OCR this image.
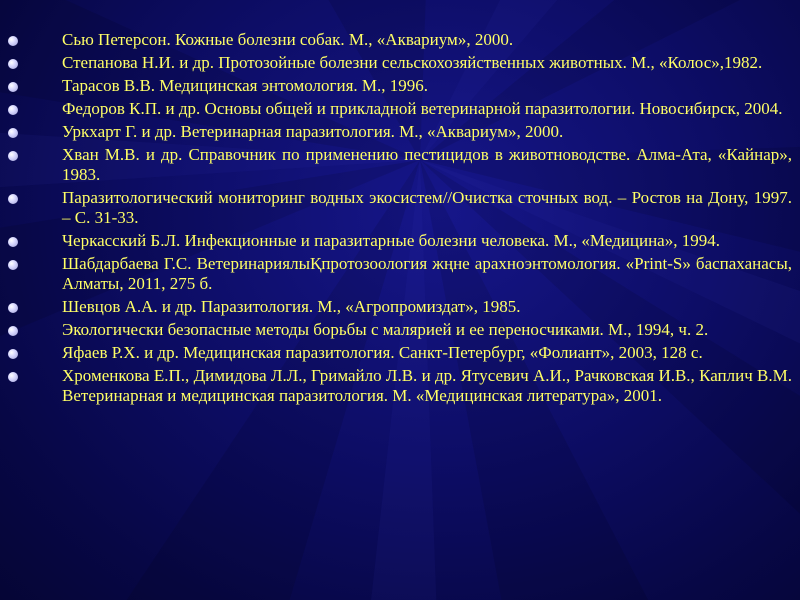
Сью Петерсон. Кожные болезни собак. М., «Аквариум», 2000.
Степанова Н.И. и др. Протозойные болезни сельскохозяйственных животных. М., «Колос»,1982.
Тарасов В.В. Медицинская энтомология. М., 1996.
Федоров К.П. и др. Основы общей и прикладной ветеринарной паразитологии. Новосибирск, 2004.
Уркхарт Г. и др. Ветеринарная паразитология. М., «Аквариум», 2000.
Хван М.В. и др. Справочник по применению пестицидов в животноводстве. Алма-Ата, «Кайнар», 1983.
Паразитологический мониторинг водных экосистем//Очистка сточных вод. – Ростов на Дону, 1997. – С. 31-33.
Черкасский Б.Л. Инфекционные и паразитарные болезни человека. М., «Медицина», 1994.
Шабдарбаева Г.С. ВетеринариялыҚпротозоология жңне арахноэнтомология. «Print-S» баспаханасы, Алматы, 2011, 275 б.
Шевцов А.А. и др. Паразитология. М., «Агропромиздат», 1985.
Экологически безопасные методы борьбы с малярией и ее переносчиками. М., 1994, ч. 2.
Яфаев Р.Х. и др. Медицинская паразитология. Санкт-Петербург, «Фолиант», 2003, 128 с.
Хроменкова Е.П., Димидова Л.Л., Гримайло Л.В. и др. Ятусевич А.И., Рачковская И.В., Каплич В.М. Ветеринарная и медицинская паразитология. М. «Медицинская литература», 2001.
